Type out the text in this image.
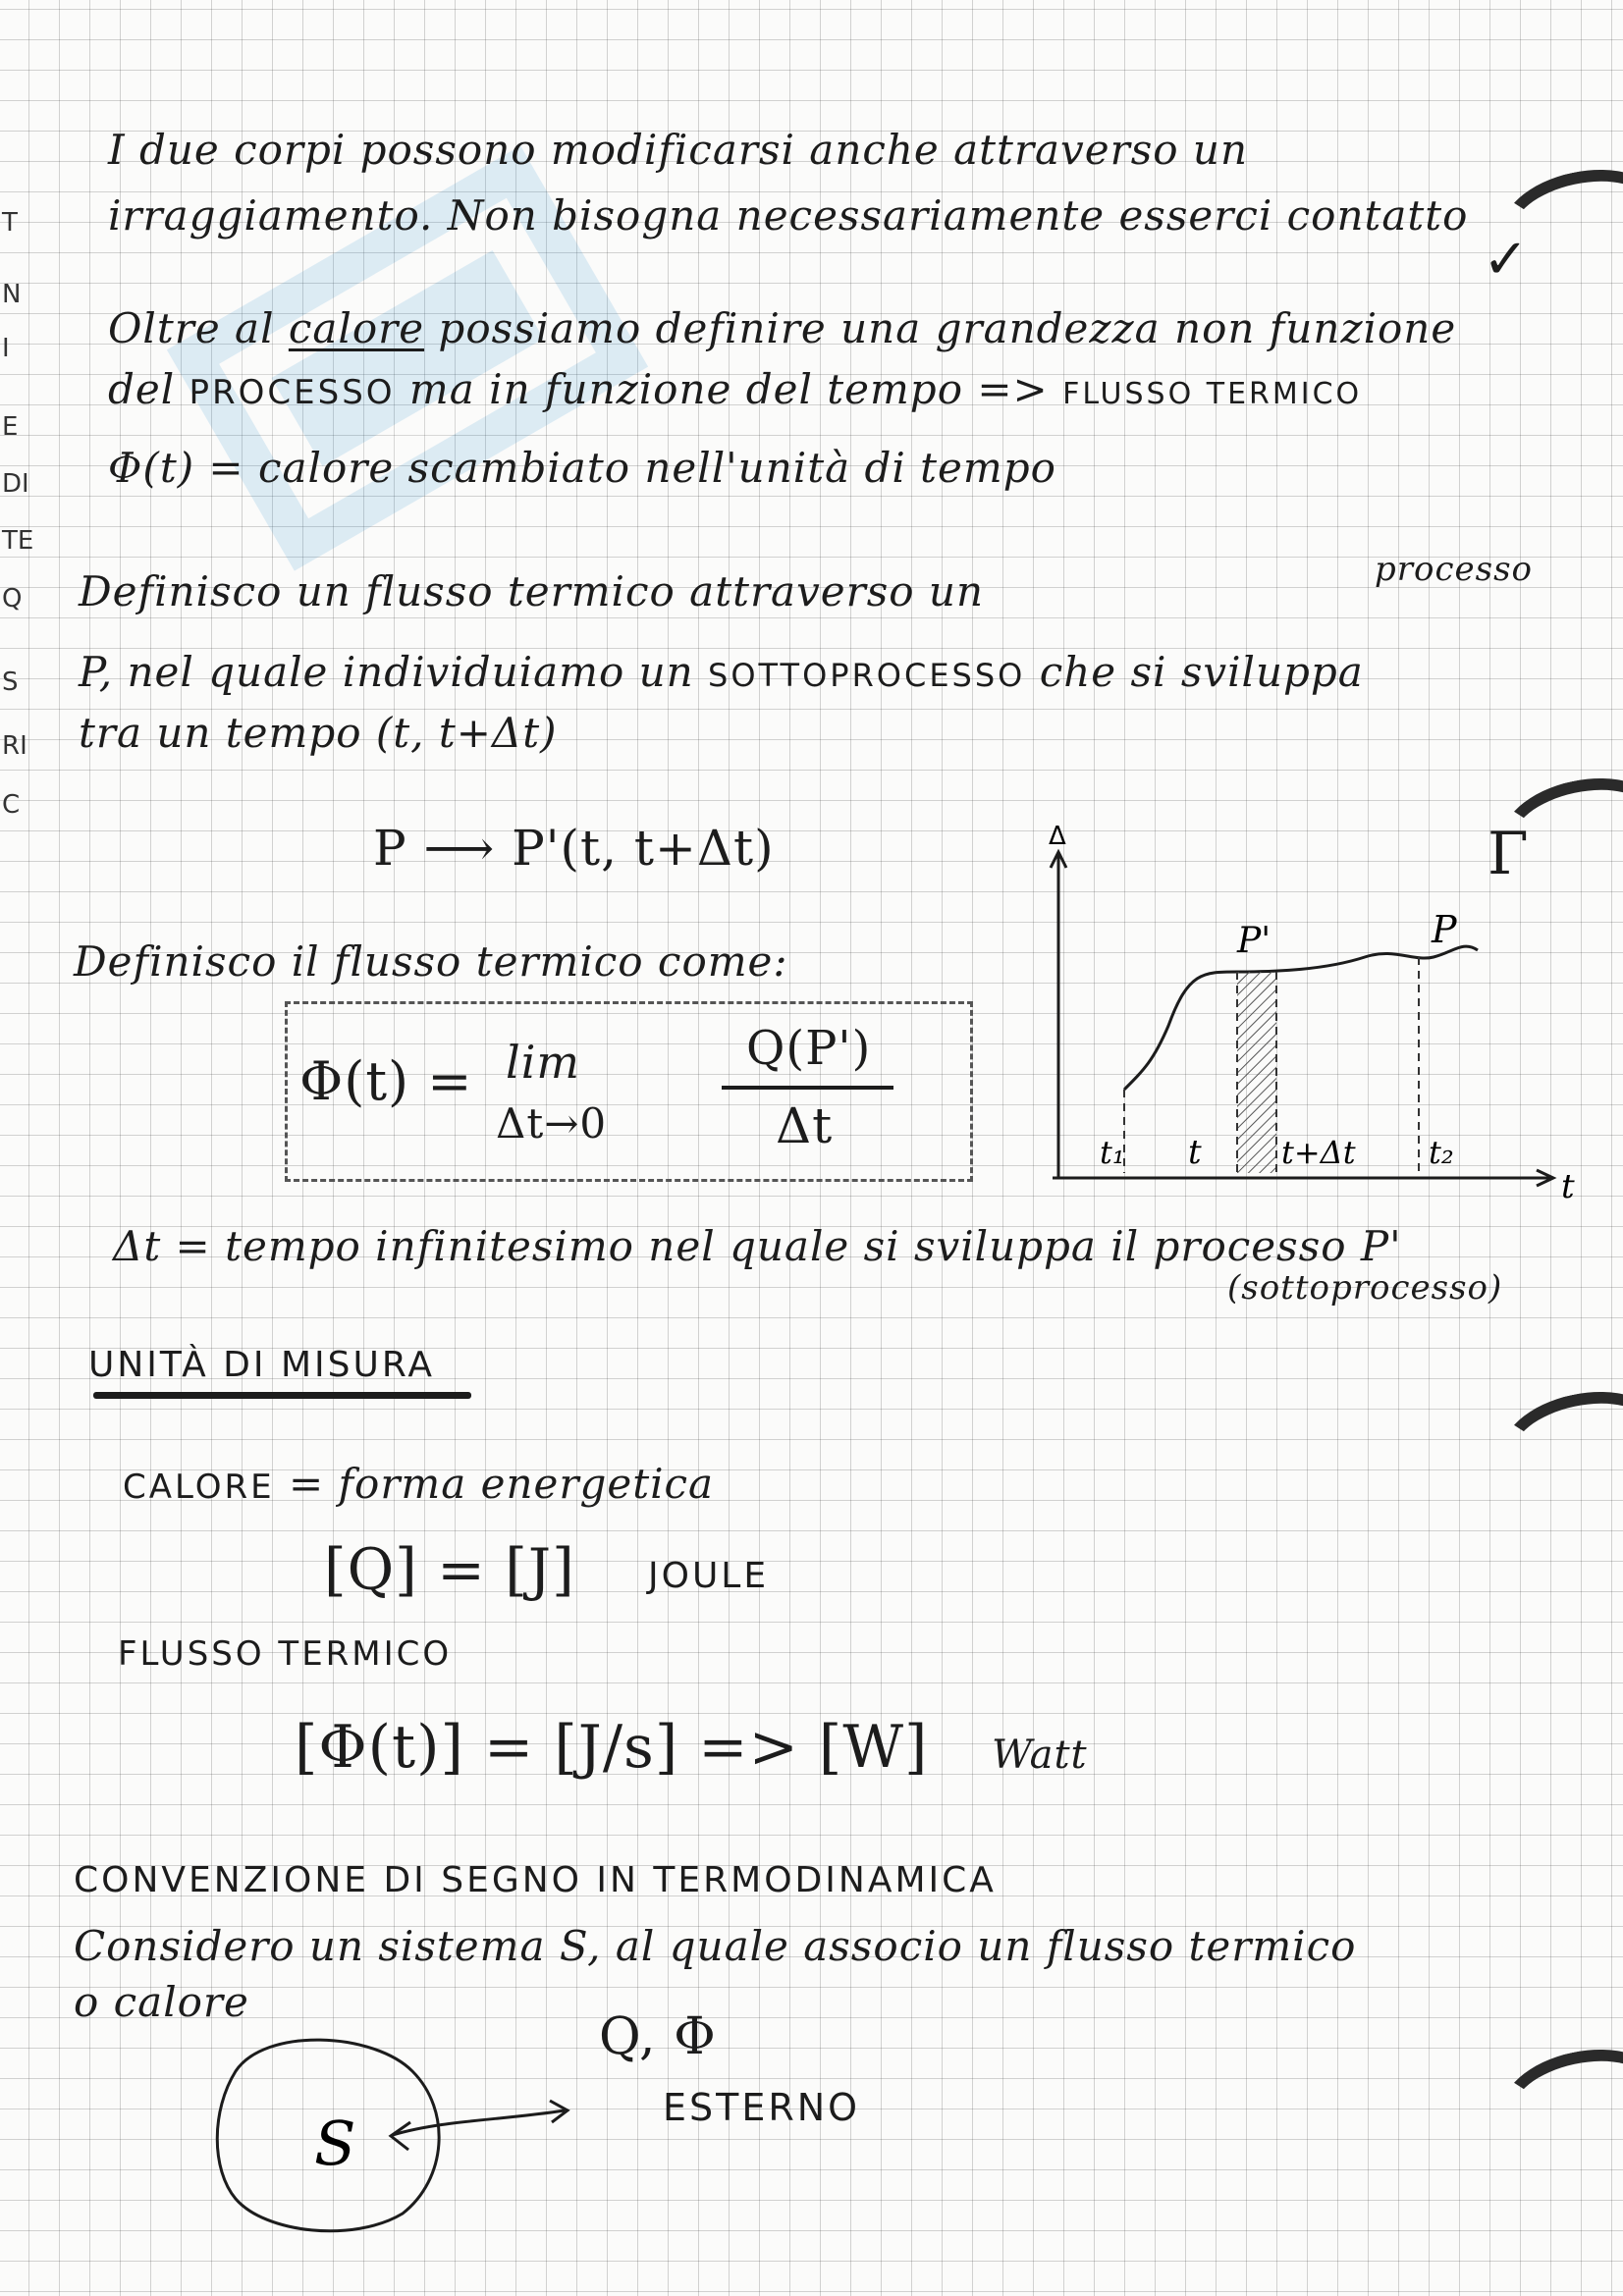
T
N
I
E
DI
TE
Q
S
RI
C
✓
Γ
I due corpi possono modificarsi anche attraverso un
irraggiamento. Non bisogna necessariamente esserci contatto
Oltre al calore possiamo definire una grandezza non funzione
del PROCESSO ma in funzione del tempo => FLUSSO TERMICO
Φ(t) = calore scambiato nell'unità di tempo
processo
Definisco un flusso termico attraverso un
P, nel quale individuiamo un SOTTOPROCESSO che si sviluppa
tra un tempo (t, t+Δt)
P ⟶ P'(t, t+Δt)
Definisco il flusso termico come:
Φ(t) = lim
Δt→0
Q(P')
Δt
Δ
t
P'	P
t₁ t	t+Δt t₂
Δt = tempo infinitesimo nel quale si sviluppa il processo P'
(sottoprocesso)
UNITÀ DI MISURA
CALORE = forma energetica
[Q] = [J] JOULE
FLUSSO TERMICO
[Φ(t)] = [J/s] => [W] Watt
CONVENZIONE DI SEGNO IN TERMODINAMICA
Considero un sistema S, al quale associo un flusso termico
o calore
Q, Φ
S	ESTERNO
